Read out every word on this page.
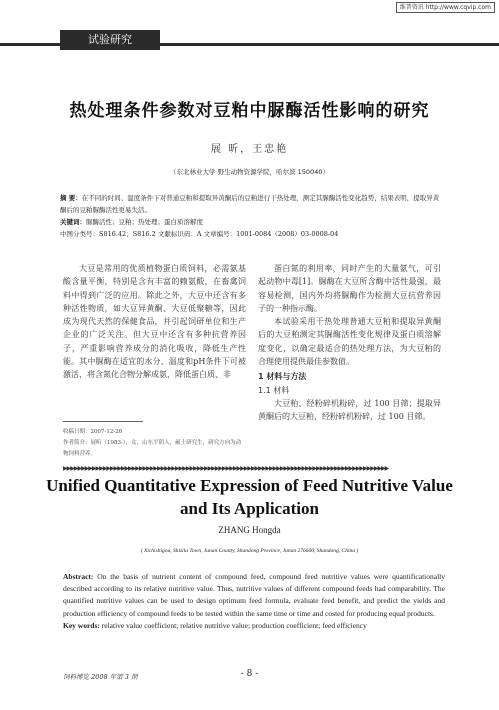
维普资讯 http://www.cqvip.com
试验研究
热处理条件参数对豆粕中脲酶活性影响的研究
展 昕，王忠艳
（东北林业大学 野生动物资源学院，哈尔滨 150040）
摘 要：在不同的时间、温度条件下对普通豆粕和提取异黄酮后的豆粕进行干热处理，测定其脲酶活性变化趋势，结果表明，提取异黄酮后的豆粕脲酶活性更易失活。
关键词：脲酶活性；豆粕；热处理；蛋白质溶解度
中图分类号：S816.42；S816.2 文献标识码：A 文章编号：1001-0084（2008）03-0008-04

大豆是常用的优质植物蛋白质饲料，必需氨基酸含量平衡，特别是含有丰富的赖氨酸，在畜禽饲料中得到广泛的应用。除此之外，大豆中还含有多种活性物质，如大豆异黄酮、大豆低聚糖等，因此成为现代天然的保健食品，并引起饲研单位和生产企业的广泛关注。但大豆中还含有多种抗营养因子，严重影响营养成分的消化吸收，降低生产性能。其中脲酶在适宜的水分、温度和pH条件下可被激活，将含氮化合物分解成氨，降低蛋白质、非

蛋白氮的利用率，同时产生的大量氨气，可引起动物中毒[1]。脲酶在大豆所含酶中活性最强，最容易检测，国内外均将脲酶作为检测大豆抗营养因子的一种指示酶。

本试验采用干热处理普通大豆粕和提取异黄酮后的大豆粕测定其脲酶活性变化规律及蛋白质溶解度变化，以确定最适合的热处理方法，为大豆粕的合理使用提供最佳参数值。

1 材料与方法
1.1 材料

大豆粕、经粉碎机粉碎，过 100 目筛；提取异黄酮后的大豆粕，经粉碎机粉碎，过 100 目筛。

收稿日期：2007-12-26
作者简介：展昕（1983-），女，山东平阴人，硕士研究生，研究方向为动物饲料营养。
▶▶▶▶▶▶▶▶▶▶▶▶▶▶▶▶▶▶▶▶▶▶▶▶▶▶▶▶▶▶▶▶▶▶▶▶▶▶▶▶▶▶▶▶▶▶▶▶▶▶▶▶▶▶▶▶▶▶▶▶▶▶▶▶▶▶▶▶▶▶▶▶▶▶▶▶▶▶▶▶▶▶▶▶▶▶▶▶▶▶
Unified Quantitative Expression of Feed Nutritive Value
and Its Application
ZHANG Hongda
( Xichishigou, Shizilu Town, Junan County, Shandong Province, Junan 276600, Shandong, China )

Abstract: On the basis of nutrient content of compound feed, compound feed nutritive values were quantificationally described according to its relative nutritive value. Thus, nutritive values of different compound feeds had comparability. The quantified nutritive values can be used to design optimum feed formula, evaluate feed benefit, and predict the yields and production efficiency of compound feeds to be tested within the same time or time and costed for producing equal products.

Key words: relative value coefficient; relative nutritive value; production coefficient; feed efficiency

饲料博览 2008 年第 3 期	- 8 -
